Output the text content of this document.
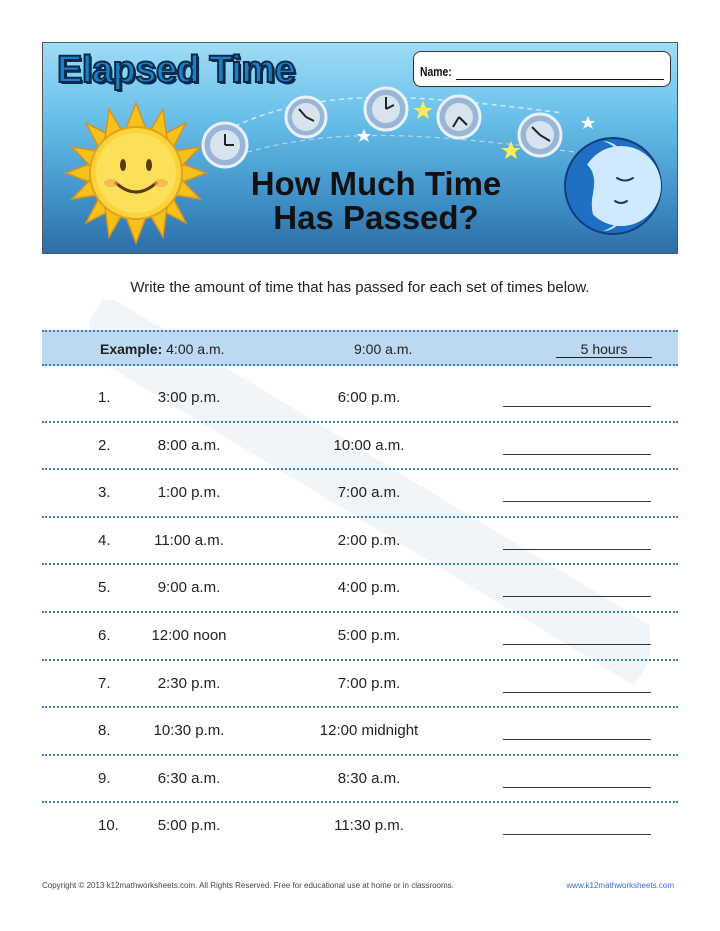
Elapsed Time	Name:
How Much Time
Has Passed?
Write the amount of time that has passed for each set of times below.
Example: 4:00 a.m.	9:00 a.m.	5 hours
1.	3:00 p.m.	6:00 p.m.
2.	8:00 a.m.	10:00 a.m.
3.	1:00 p.m.	7:00 a.m.
4.	11:00 a.m.	2:00 p.m.
5.	9:00 a.m.	4:00 p.m.
6.	12:00 noon	5:00 p.m.
7.	2:30 p.m.	7:00 p.m.
8.	10:30 p.m.	12:00 midnight
9.	6:30 a.m.	8:30 a.m.
10.	5:00 p.m.	11:30 p.m.
Copyright © 2013 k12mathworksheets.com. All Rights Reserved. Free for educational use at home or in classrooms.	www.k12mathworksheets.com
